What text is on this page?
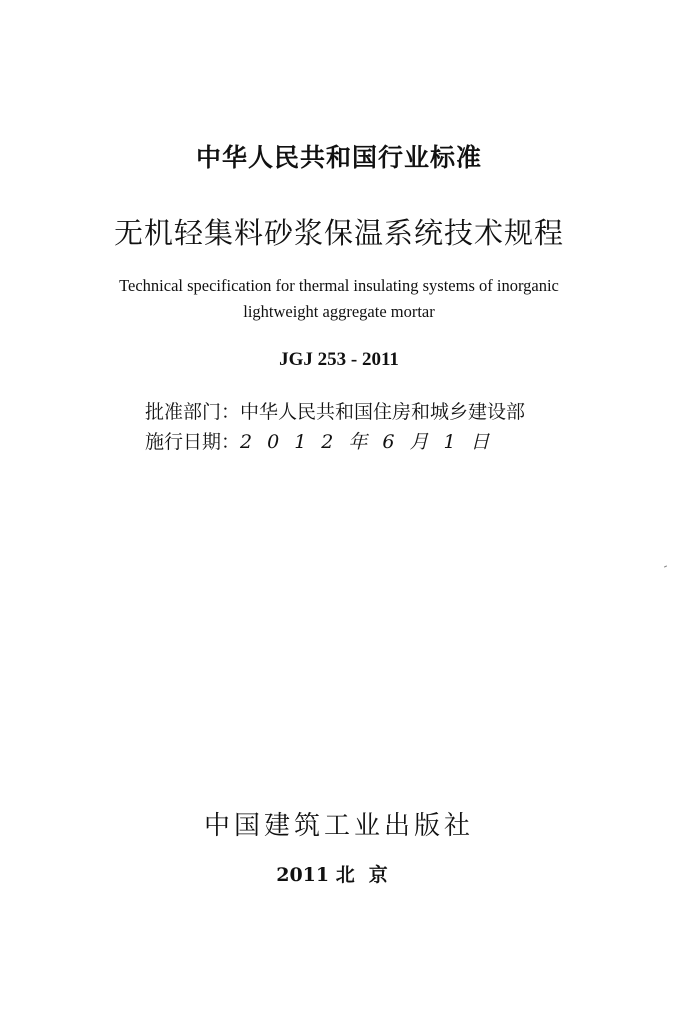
中华人民共和国行业标准
无机轻集料砂浆保温系统技术规程
Technical specification for thermal insulating systems of inorganic
lightweight aggregate mortar
JGJ 253 - 2011
批准部门：中华人民共和国住房和城乡建设部
施行日期：2012年6月1日
中国建筑工业出版社
2011 北京
